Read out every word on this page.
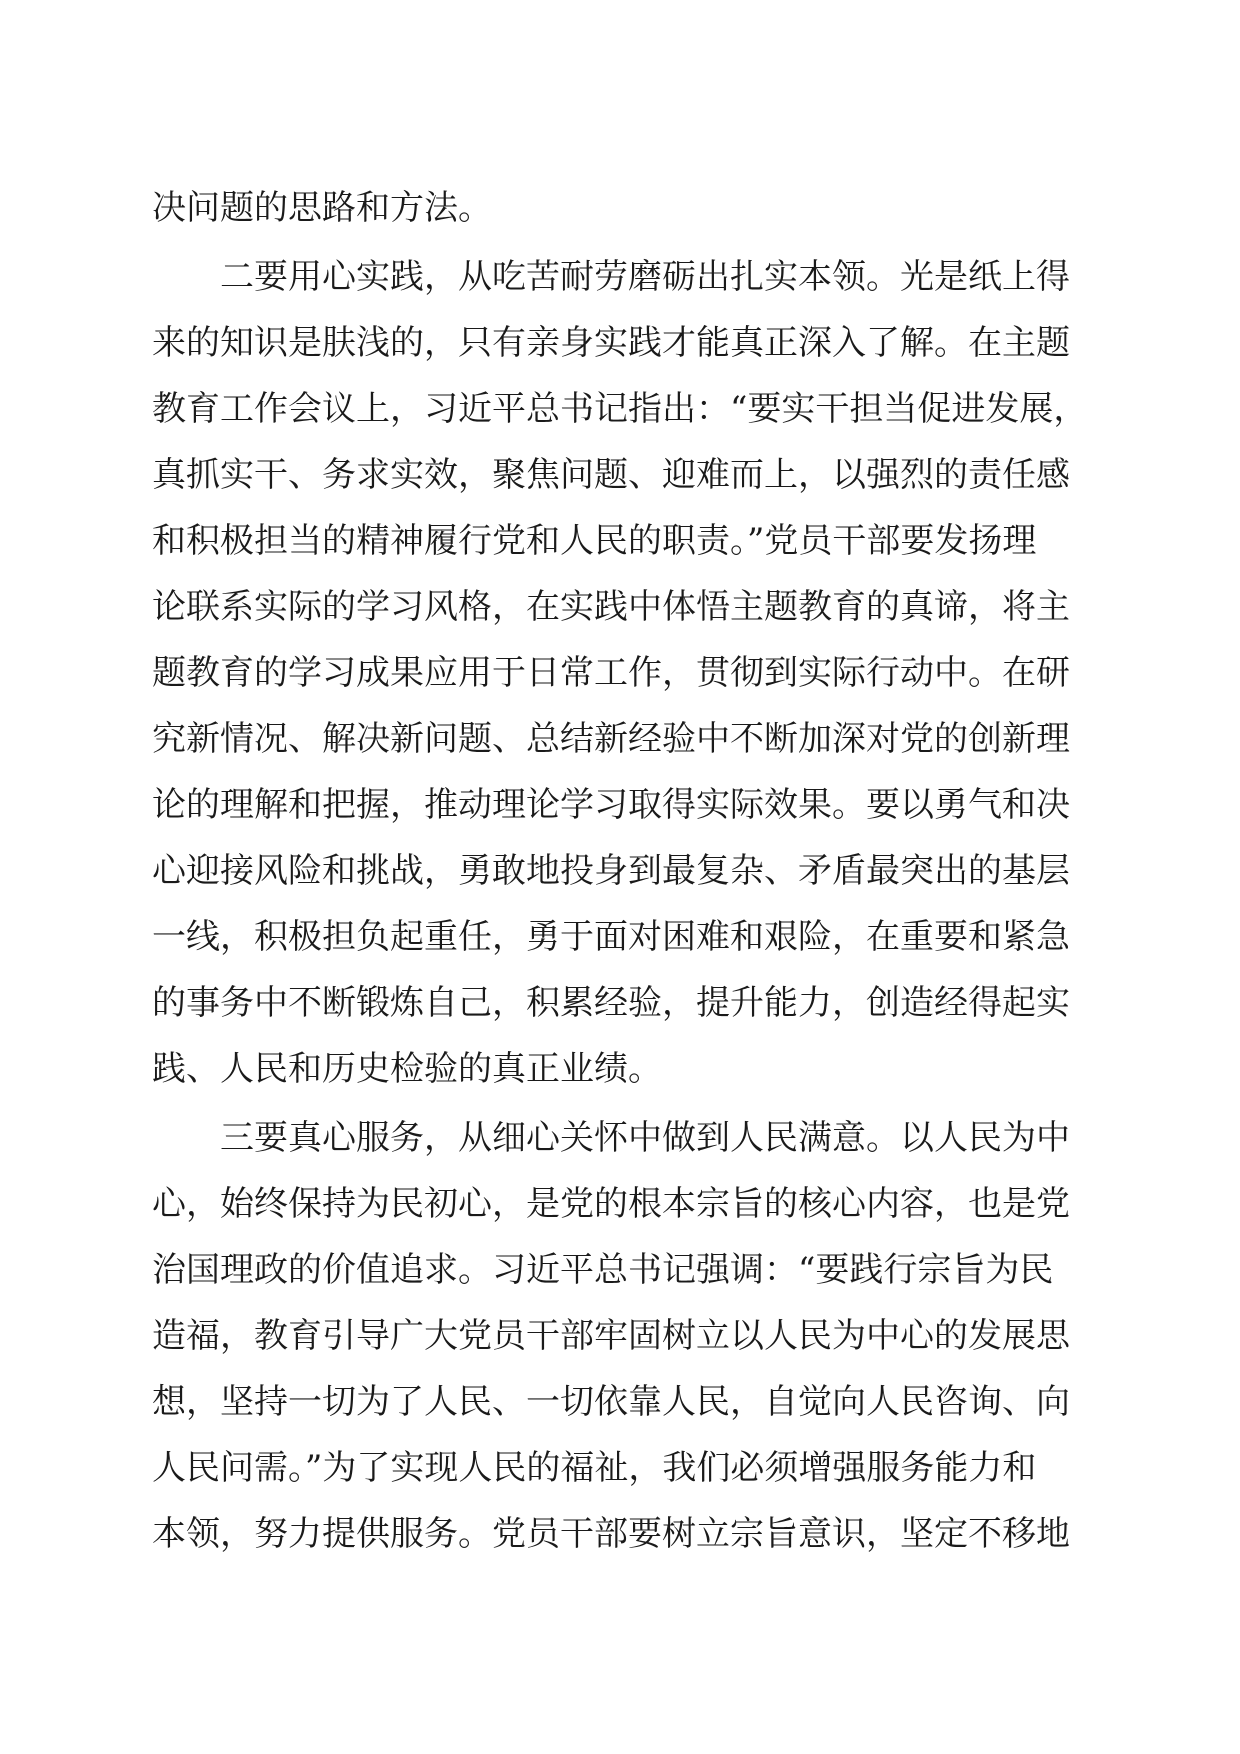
决问题的思路和方法。

二要用心实践，从吃苦耐劳磨砺出扎实本领。光是纸上得

来的知识是肤浅的，只有亲身实践才能真正深入了解。在主题

教育工作会议上，习近平总书记指出：“要实干担当促进发展，

真抓实干、务求实效，聚焦问题、迎难而上，以强烈的责任感

和积极担当的精神履行党和人民的职责。”党员干部要发扬理

论联系实际的学习风格，在实践中体悟主题教育的真谛，将主

题教育的学习成果应用于日常工作，贯彻到实际行动中。在研

究新情况、解决新问题、总结新经验中不断加深对党的创新理

论的理解和把握，推动理论学习取得实际效果。要以勇气和决

心迎接风险和挑战，勇敢地投身到最复杂、矛盾最突出的基层

一线，积极担负起重任，勇于面对困难和艰险，在重要和紧急

的事务中不断锻炼自己，积累经验，提升能力，创造经得起实

践、人民和历史检验的真正业绩。

三要真心服务，从细心关怀中做到人民满意。以人民为中

心，始终保持为民初心，是党的根本宗旨的核心内容，也是党

治国理政的价值追求。习近平总书记强调：“要践行宗旨为民

造福，教育引导广大党员干部牢固树立以人民为中心的发展思

想，坚持一切为了人民、一切依靠人民，自觉向人民咨询、向

人民问需。”为了实现人民的福祉，我们必须增强服务能力和

本领，努力提供服务。党员干部要树立宗旨意识，坚定不移地
